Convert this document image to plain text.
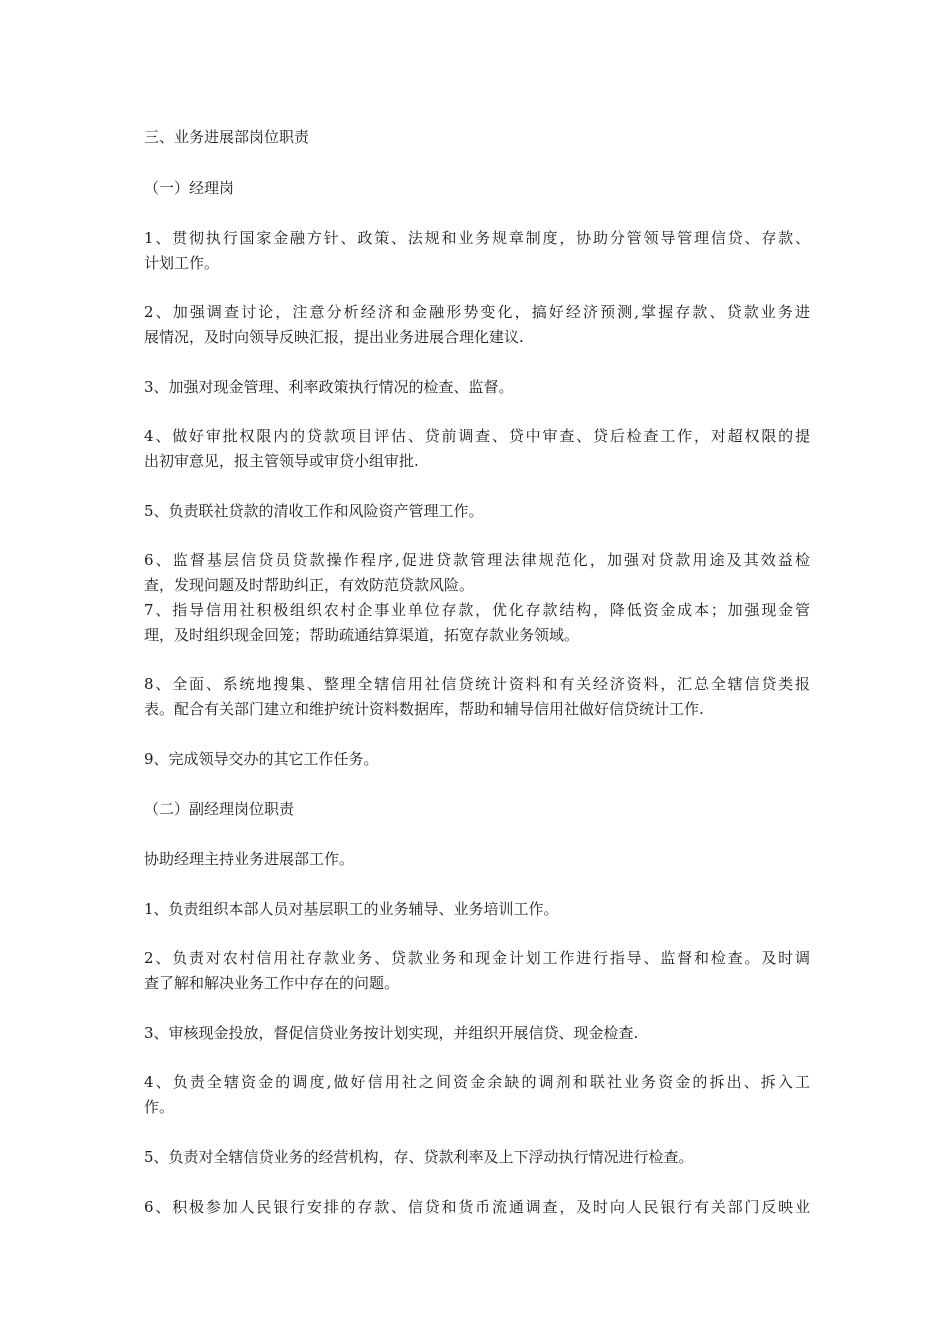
三、业务进展部岗位职责
（一）经理岗
1、贯彻执行国家金融方针、政策、法规和业务规章制度，协助分管领导管理信贷、存款、
计划工作。
2、加强调查讨论，注意分析经济和金融形势变化，搞好经济预测,掌握存款、贷款业务进
展情况，及时向领导反映汇报，提出业务进展合理化建议.
3、加强对现金管理、利率政策执行情况的检查、监督。
4、做好审批权限内的贷款项目评估、贷前调查、贷中审查、贷后检查工作，对超权限的提
出初审意见，报主管领导或审贷小组审批.
5、负责联社贷款的清收工作和风险资产管理工作。
6、监督基层信贷员贷款操作程序,促进贷款管理法律规范化，加强对贷款用途及其效益检
查，发现问题及时帮助纠正，有效防范贷款风险。
7、指导信用社积极组织农村企事业单位存款，优化存款结构，降低资金成本；加强现金管
理，及时组织现金回笼；帮助疏通结算渠道，拓宽存款业务领域。
8、全面、系统地搜集、整理全辖信用社信贷统计资料和有关经济资料，汇总全辖信贷类报
表。配合有关部门建立和维护统计资料数据库，帮助和辅导信用社做好信贷统计工作.
9、完成领导交办的其它工作任务。
（二）副经理岗位职责
协助经理主持业务进展部工作。
1、负责组织本部人员对基层职工的业务辅导、业务培训工作。
2、负责对农村信用社存款业务、贷款业务和现金计划工作进行指导、监督和检查。及时调
查了解和解决业务工作中存在的问题。
3、审核现金投放，督促信贷业务按计划实现，并组织开展信贷、现金检查.
4、负责全辖资金的调度,做好信用社之间资金余缺的调剂和联社业务资金的拆出、拆入工
作。
5、负责对全辖信贷业务的经营机构，存、贷款利率及上下浮动执行情况进行检查。
6、积极参加人民银行安排的存款、信贷和货币流通调查，及时向人民银行有关部门反映业
